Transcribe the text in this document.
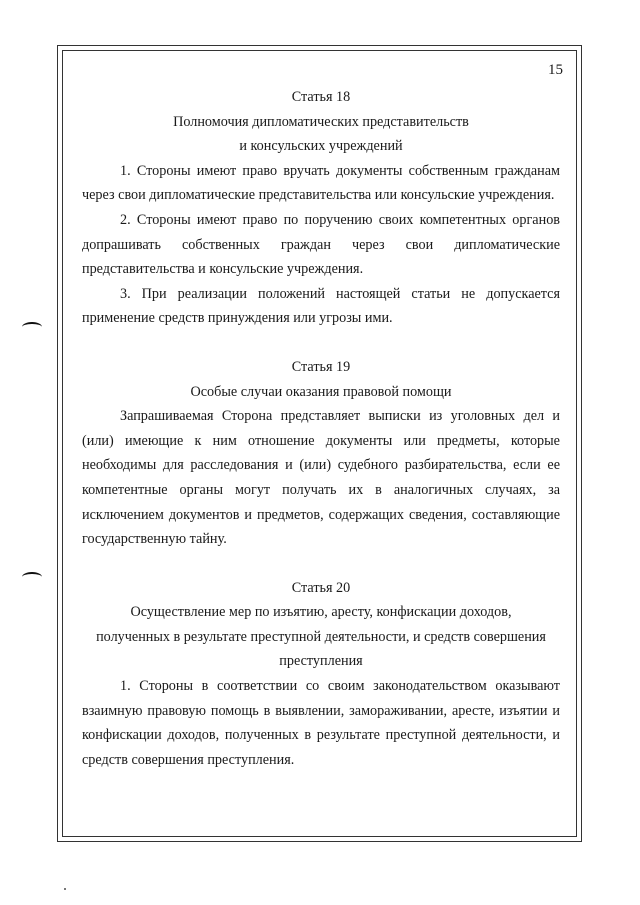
15
Статья 18
Полномочия дипломатических представительств
и консульских учреждений

1. Стороны имеют право вручать документы собственным гражданам через свои дипломатические представительства или консульские учреждения.

2. Стороны имеют право по поручению своих компетентных органов допрашивать собственных граждан через свои дипломатические представительства и консульские учреждения.

3. При реализации положений настоящей статьи не допускается применение средств принуждения или угрозы ими.

Статья 19
Особые случаи оказания правовой помощи

Запрашиваемая Сторона представляет выписки из уголовных дел и (или) имеющие к ним отношение документы или предметы, которые необходимы для расследования и (или) судебного разбирательства, если ее компетентные органы могут получать их в аналогичных случаях, за исключением документов и предметов, содержащих сведения, составляющие государственную тайну.

Статья 20
Осуществление мер по изъятию, аресту, конфискации доходов,
полученных в результате преступной деятельности, и средств совершения
преступления

1. Стороны в соответствии со своим законодательством оказывают взаимную правовую помощь в выявлении, замораживании, аресте, изъятии и конфискации доходов, полученных в результате преступной деятельности, и средств совершения преступления.
